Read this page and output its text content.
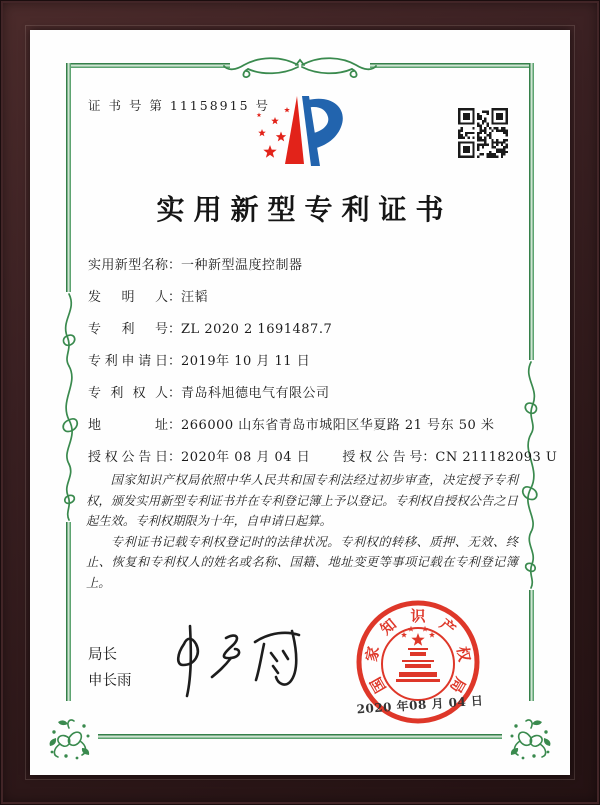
证 书 号 第 11158915 号
实用新型专利证书
实用新型名称：一种新型温度控制器
发明人：汪韬
专利号：ZL 2020 2 1691487.7
专利申请日：2019年 10 月 11 日
专利权人：青岛科旭德电气有限公司
地址：266000 山东省青岛市城阳区华夏路 21 号东 50 米
授权公告日：2020年 08 月 04 日 授权公告号：CN 211182093 U

国家知识产权局依照中华人民共和国专利法经过初步审查，决定授予专利权，颁发实用新型专利证书并在专利登记簿上予以登记。专利权自授权公告之日起生效。专利权期限为十年，自申请日起算。

专利证书记载专利权登记时的法律状况。专利权的转移、质押、无效、终止、恢复和专利权人的姓名或名称、国籍、地址变更等事项记载在专利登记簿上。

局长
申长雨	国
家
知 识 产
权
局
2020 年08 月 04 日
